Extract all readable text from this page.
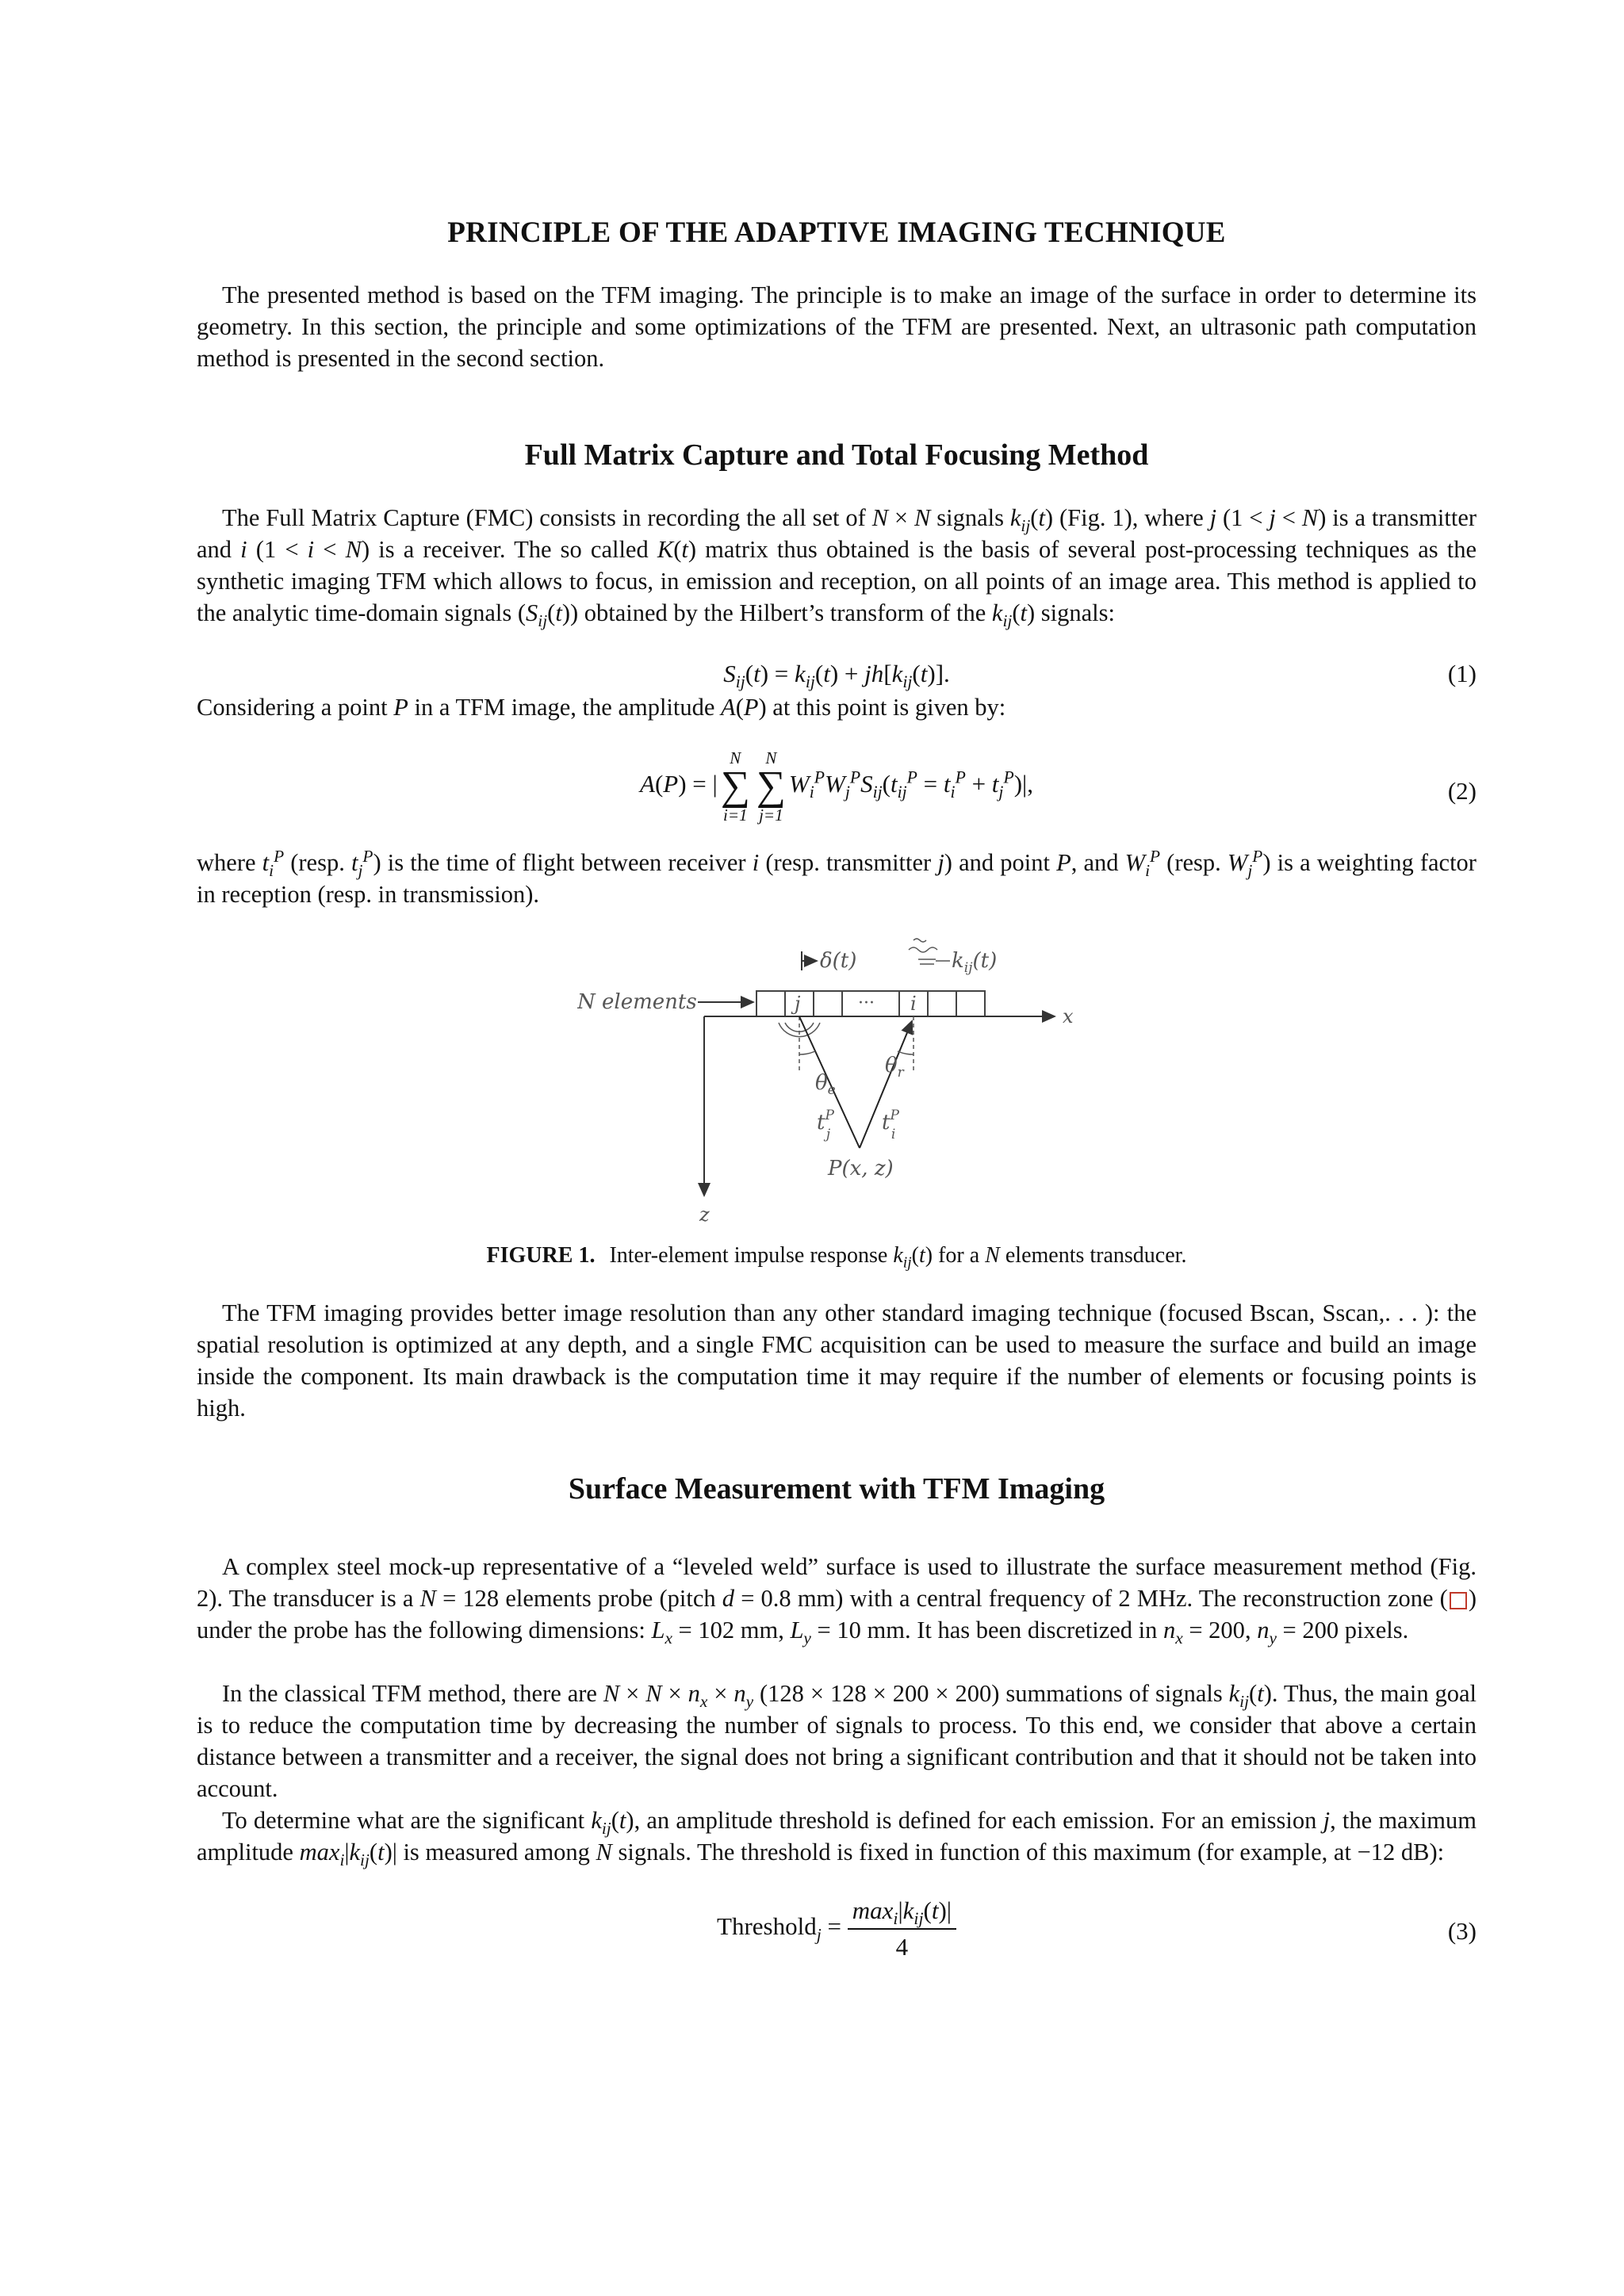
PRINCIPLE OF THE ADAPTIVE IMAGING TECHNIQUE

The presented method is based on the TFM imaging. The principle is to make an image of the surface in order to determine its geometry. In this section, the principle and some optimizations of the TFM are presented. Next, an ultrasonic path computation method is presented in the second section.

Full Matrix Capture and Total Focusing Method

The Full Matrix Capture (FMC) consists in recording the all set of N × N signals $k_{ij}(t)$ (Fig. 1), where j (1 < j < N) is a transmitter and i (1 < i < N) is a receiver. The so called K(t) matrix thus obtained is the basis of several post-processing techniques as the synthetic imaging TFM which allows to focus, in emission and reception, on all points of an image area. This method is applied to the analytic time-domain signals $(S_{ij}(t))$ obtained by the Hilbert’s transform of the $k_{ij}(t)$ signals:

$S_{ij}(t) = k_{ij}(t) + jh[k_{ij}(t)]$.	(1)

Considering a point P in a TFM image, the amplitude A(P) at this point is given by:

A(P) = |
N
∑
i=1
N
∑
j=1
$W_i^PW_j^PS_{ij}(t_{ij}^P = t_i^P + t_j^P)|$,	(2)

where $t_i^P$ (resp. $t_j^P$) is the time of flight between receiver i (resp. transmitter j) and point P, and $W_i^P$ (resp. $W_j^P$) is a weighting factor in reception (resp. in transmission).

FIGURE 1. Inter-element impulse response $k_{ij}(t)$ for a N elements transducer.

The TFM imaging provides better image resolution than any other standard imaging technique (focused Bscan, Sscan,. . . ): the spatial resolution is optimized at any depth, and a single FMC acquisition can be used to measure the surface and build an image inside the component. Its main drawback is the computation time it may require if the number of elements or focusing points is high.

Surface Measurement with TFM Imaging

A complex steel mock-up representative of a “leveled weld” surface is used to illustrate the surface measurement method (Fig. 2). The transducer is a N = 128 elements probe (pitch d = 0.8 mm) with a central frequency of 2 MHz. The reconstruction zone ( ) under the probe has the following dimensions: $L_x = 102$ mm, $L_y = 10$ mm. It has been discretized in $n_x = 200$, $n_y = 200$ pixels.

In the classical TFM method, there are $N \times N \times n_x \times n_y$ (128 × 128 × 200 × 200) summations of signals $k_{ij}(t)$. Thus, the main goal is to reduce the computation time by decreasing the number of signals to process. To this end, we consider that above a certain distance between a transmitter and a receiver, the signal does not bring a significant contribution and that it should not be taken into account.

To determine what are the significant $k_{ij}(t)$, an amplitude threshold is defined for each emission. For an emission j, the maximum amplitude $\max_i|k_{ij}(t)|$ is measured among N signals. The threshold is fixed in function of this maximum (for example, at −12 dB):

Threshold$_j$ = $\frac{\max_i|k_{ij}(t)|}{4}$	(3)
N elements	j	··· i
x
z
δ(t)	$k_{ij}(t)$
$\theta_e$
$\theta_r$
$t^P$ j $t^P$ i
P(x, z)
